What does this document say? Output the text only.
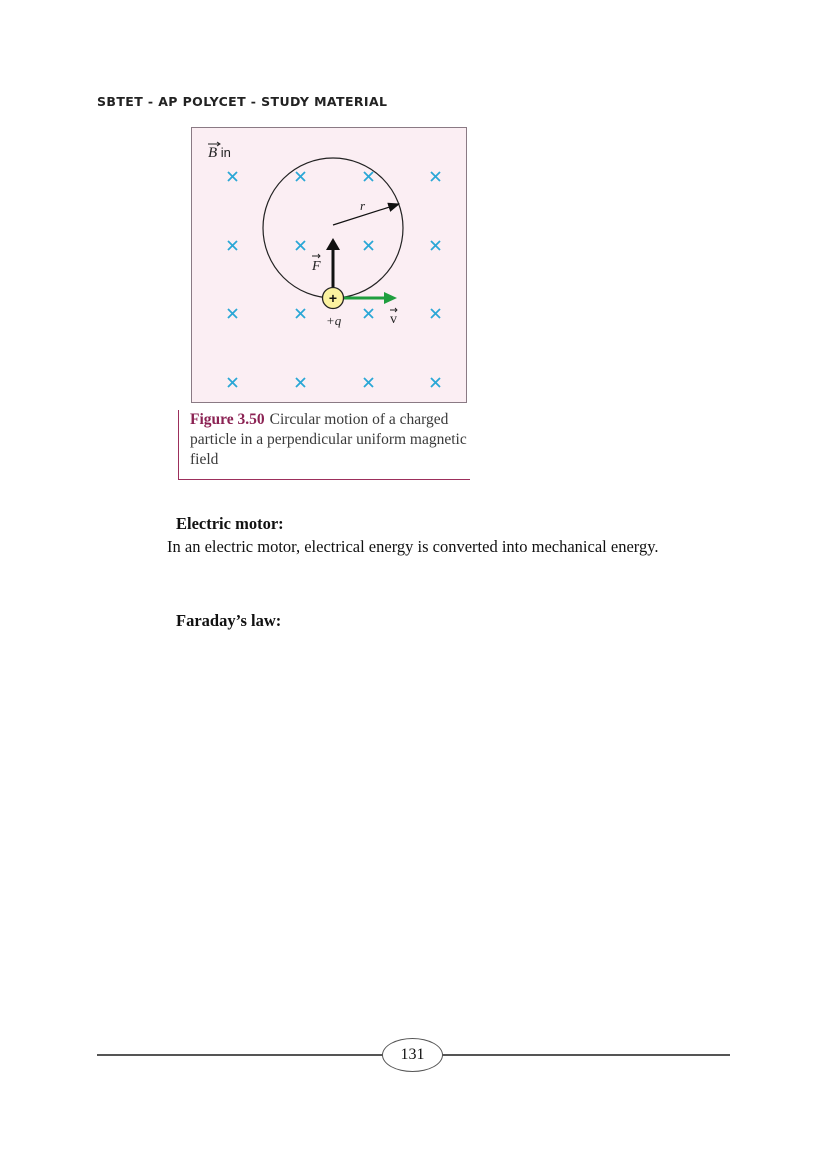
SBTET - AP POLYCET - STUDY MATERIAL
B in
r
F
v
+
+q
Figure 3.50 Circular motion of a charged particle in a perpendicular uniform magnetic field
Electric motor:
In an electric motor, electrical energy is converted into mechanical energy.
Faraday’s law:
131
